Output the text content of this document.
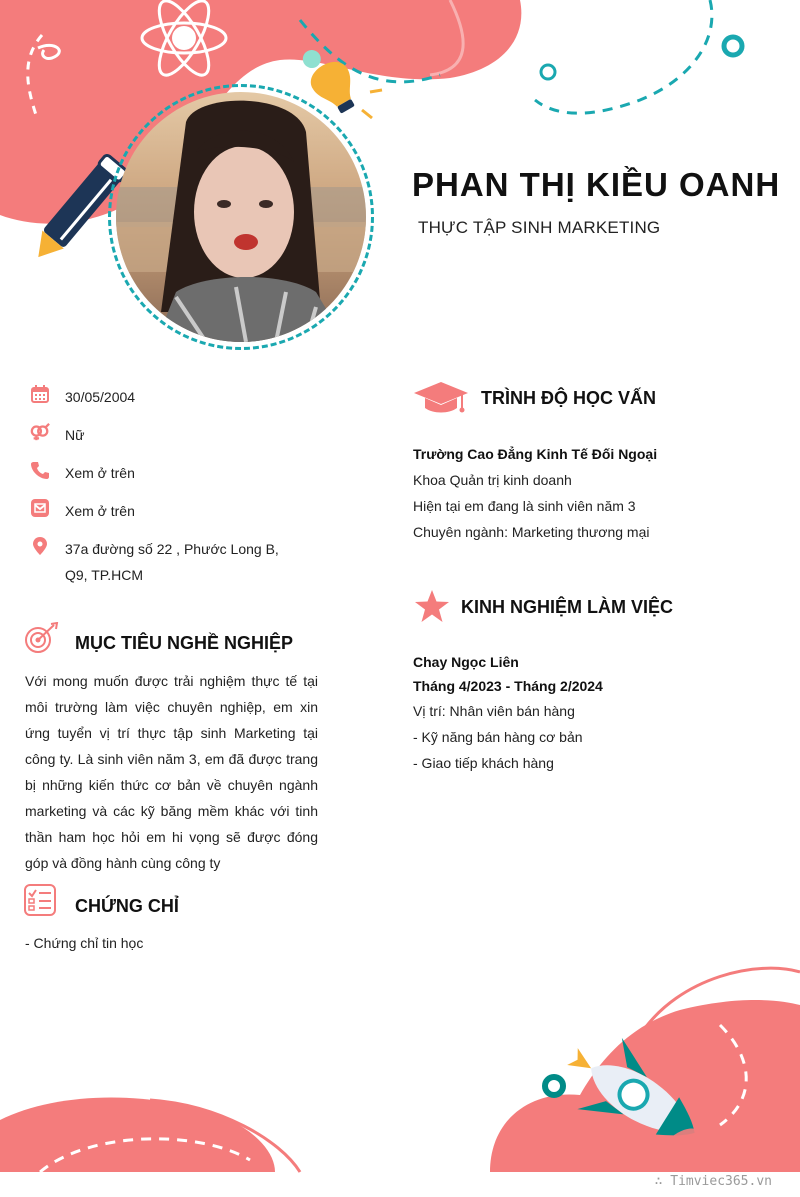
PHAN THỊ KIỀU OANH
THỰC TẬP SINH MARKETING
30/05/2004
Nữ
Xem ở trên
Xem ở trên
37a đường số 22 , Phước Long B, Q9, TP.HCM
MỤC TIÊU NGHỀ NGHIỆP
Với mong muốn được trải nghiệm thực tế tại môi trường làm việc chuyên nghiệp, em xin ứng tuyển vị trí thực tập sinh Marketing tại công ty. Là sinh viên năm 3, em đã được trang bị những kiến thức cơ bản về chuyên ngành marketing và các kỹ băng mềm khác với tinh thần ham học hỏi em hi vọng sẽ được đóng góp và đồng hành cùng công ty
CHỨNG CHỈ
- Chứng chỉ tin học
TRÌNH ĐỘ HỌC VẤN

Trường Cao Đẳng Kinh Tế Đối Ngoại

Khoa Quản trị kinh doanh

Hiện tại em đang là sinh viên năm 3

Chuyên ngành: Marketing thương mại

KINH NGHIỆM LÀM VIỆC

Chay Ngọc Liên

Tháng 4/2023 - Tháng 2/2024

Vị trí: Nhân viên bán hàng

- Kỹ năng bán hàng cơ bản

- Giao tiếp khách hàng

∴ Timviec365.vn
